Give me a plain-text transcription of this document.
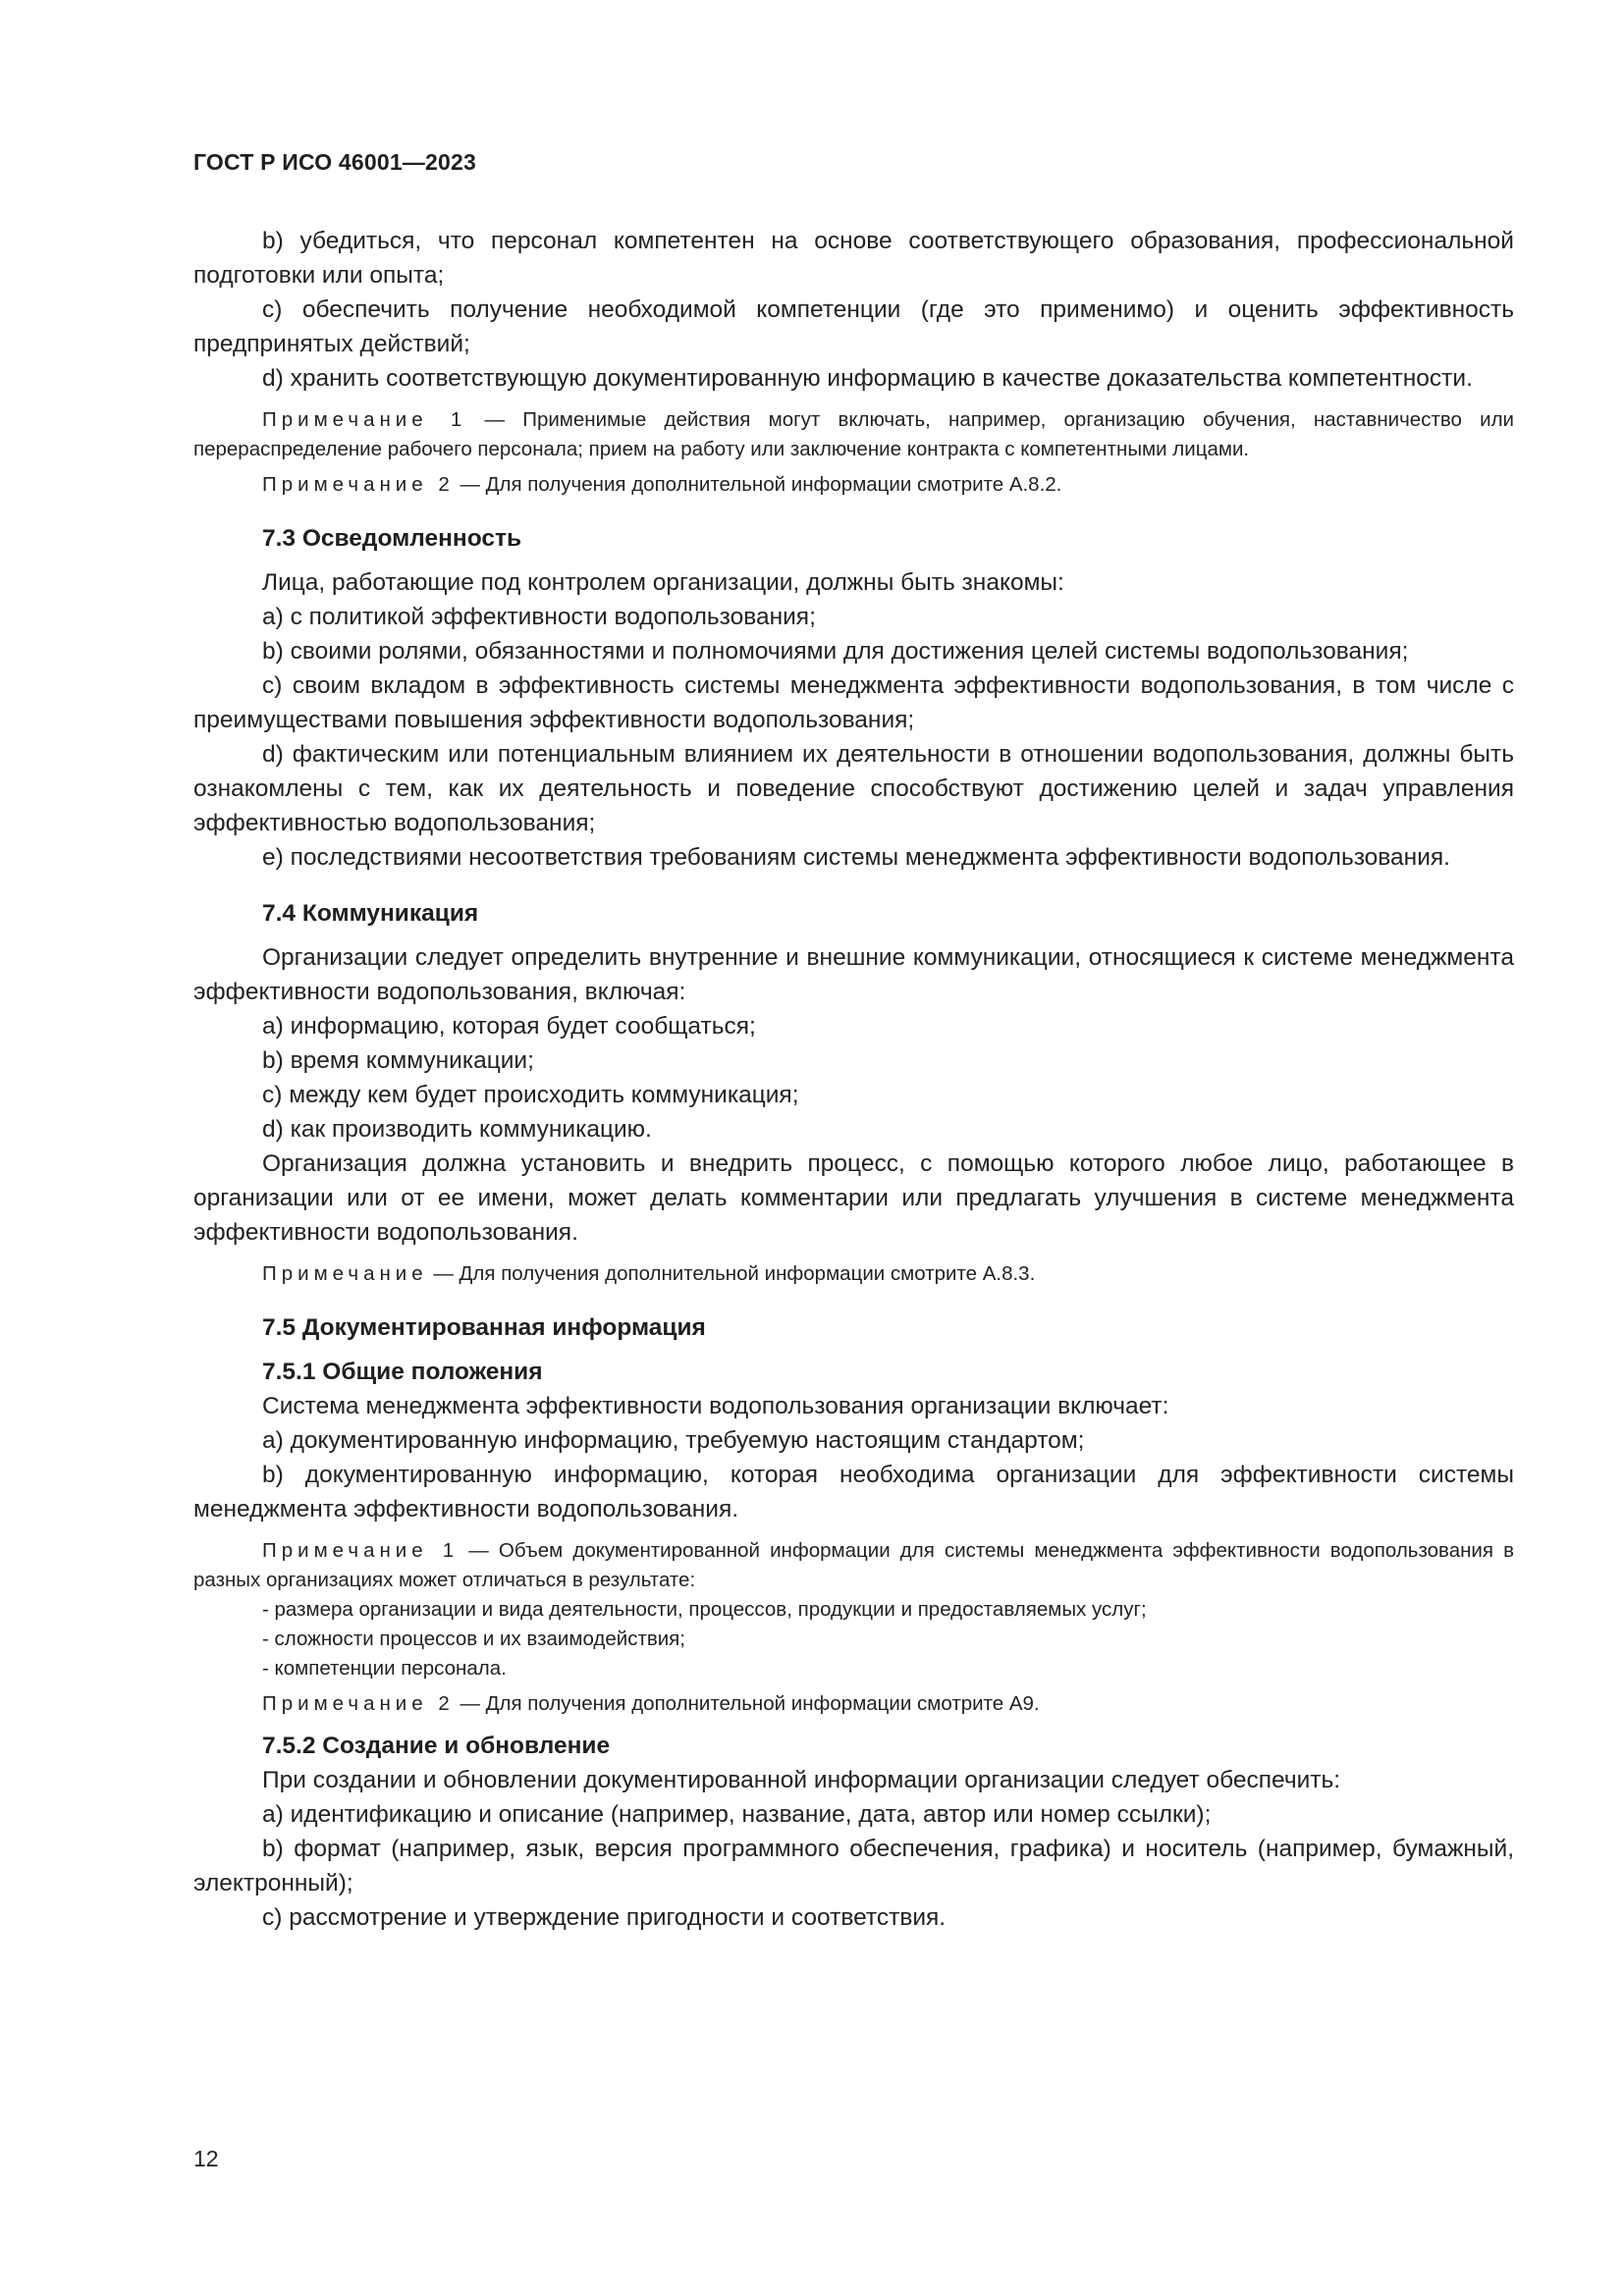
ГОСТ Р ИСО 46001—2023

b) убедиться, что персонал компетентен на основе соответствующего образования, профессиональной подготовки или опыта;

c) обеспечить получение необходимой компетенции (где это применимо) и оценить эффективность предпринятых действий;

d) хранить соответствующую документированную информацию в качестве доказательства компетентности.

Примечание 1 — Применимые действия могут включать, например, организацию обучения, наставничество или перераспределение рабочего персонала; прием на работу или заключение контракта с компетентными лицами.

Примечание 2 — Для получения дополнительной информации смотрите А.8.2.

7.3 Осведомленность

Лица, работающие под контролем организации, должны быть знакомы:

a) с политикой эффективности водопользования;

b) своими ролями, обязанностями и полномочиями для достижения целей системы водопользования;

c) своим вкладом в эффективность системы менеджмента эффективности водопользования, в том числе с преимуществами повышения эффективности водопользования;

d) фактическим или потенциальным влиянием их деятельности в отношении водопользования, должны быть ознакомлены с тем, как их деятельность и поведение способствуют достижению целей и задач управления эффективностью водопользования;

e) последствиями несоответствия требованиям системы менеджмента эффективности водопользования.

7.4 Коммуникация

Организации следует определить внутренние и внешние коммуникации, относящиеся к системе менеджмента эффективности водопользования, включая:

a) информацию, которая будет сообщаться;

b) время коммуникации;

c) между кем будет происходить коммуникация;

d) как производить коммуникацию.

Организация должна установить и внедрить процесс, с помощью которого любое лицо, работающее в организации или от ее имени, может делать комментарии или предлагать улучшения в системе менеджмента эффективности водопользования.

Примечание — Для получения дополнительной информации смотрите А.8.3.

7.5 Документированная информация

7.5.1 Общие положения

Система менеджмента эффективности водопользования организации включает:

a) документированную информацию, требуемую настоящим стандартом;

b) документированную информацию, которая необходима организации для эффективности системы менеджмента эффективности водопользования.

Примечание 1 — Объем документированной информации для системы менеджмента эффективности водопользования в разных организациях может отличаться в результате:

- размера организации и вида деятельности, процессов, продукции и предоставляемых услуг;

- сложности процессов и их взаимодействия;

- компетенции персонала.

Примечание 2 — Для получения дополнительной информации смотрите А9.

7.5.2 Создание и обновление

При создании и обновлении документированной информации организации следует обеспечить:

a) идентификацию и описание (например, название, дата, автор или номер ссылки);

b) формат (например, язык, версия программного обеспечения, графика) и носитель (например, бумажный, электронный);

c) рассмотрение и утверждение пригодности и соответствия.

12
